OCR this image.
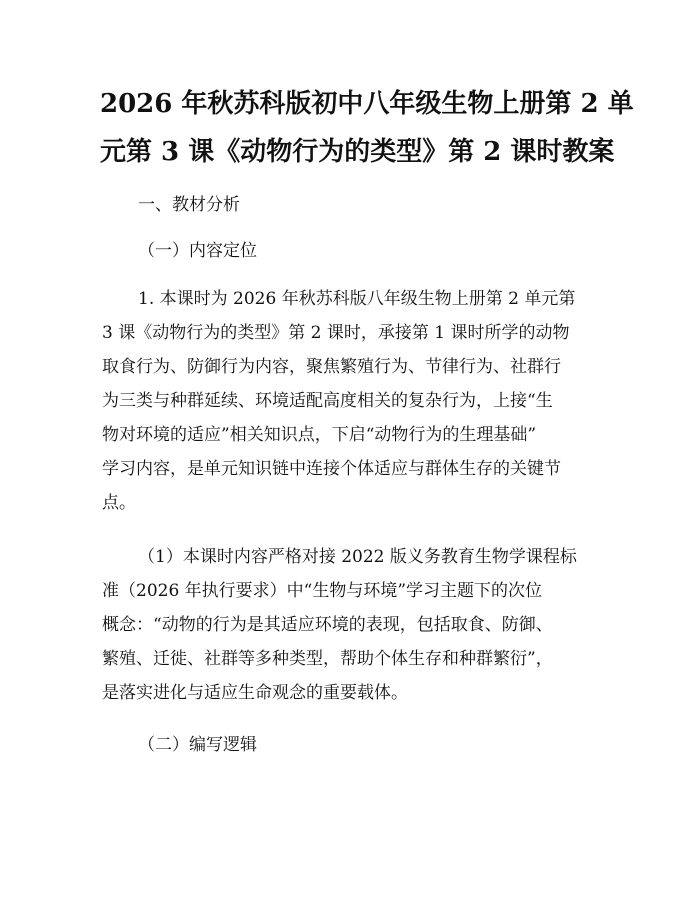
2026 年秋苏科版初中八年级生物上册第 2 单
元第 3 课《动物行为的类型》第 2 课时教案
一、教材分析
（一）内容定位
1. 本课时为 2026 年秋苏科版八年级生物上册第 2 单元第
3 课《动物行为的类型》第 2 课时，承接第 1 课时所学的动物
取食行为、防御行为内容，聚焦繁殖行为、节律行为、社群行
为三类与种群延续、环境适配高度相关的复杂行为，上接“生
物对环境的适应”相关知识点，下启“动物行为的生理基础”
学习内容，是单元知识链中连接个体适应与群体生存的关键节
点。
（1）本课时内容严格对接 2022 版义务教育生物学课程标
准（2026 年执行要求）中“生物与环境”学习主题下的次位
概念：“动物的行为是其适应环境的表现，包括取食、防御、
繁殖、迁徙、社群等多种类型，帮助个体生存和种群繁衍”，
是落实进化与适应生命观念的重要载体。
（二）编写逻辑
